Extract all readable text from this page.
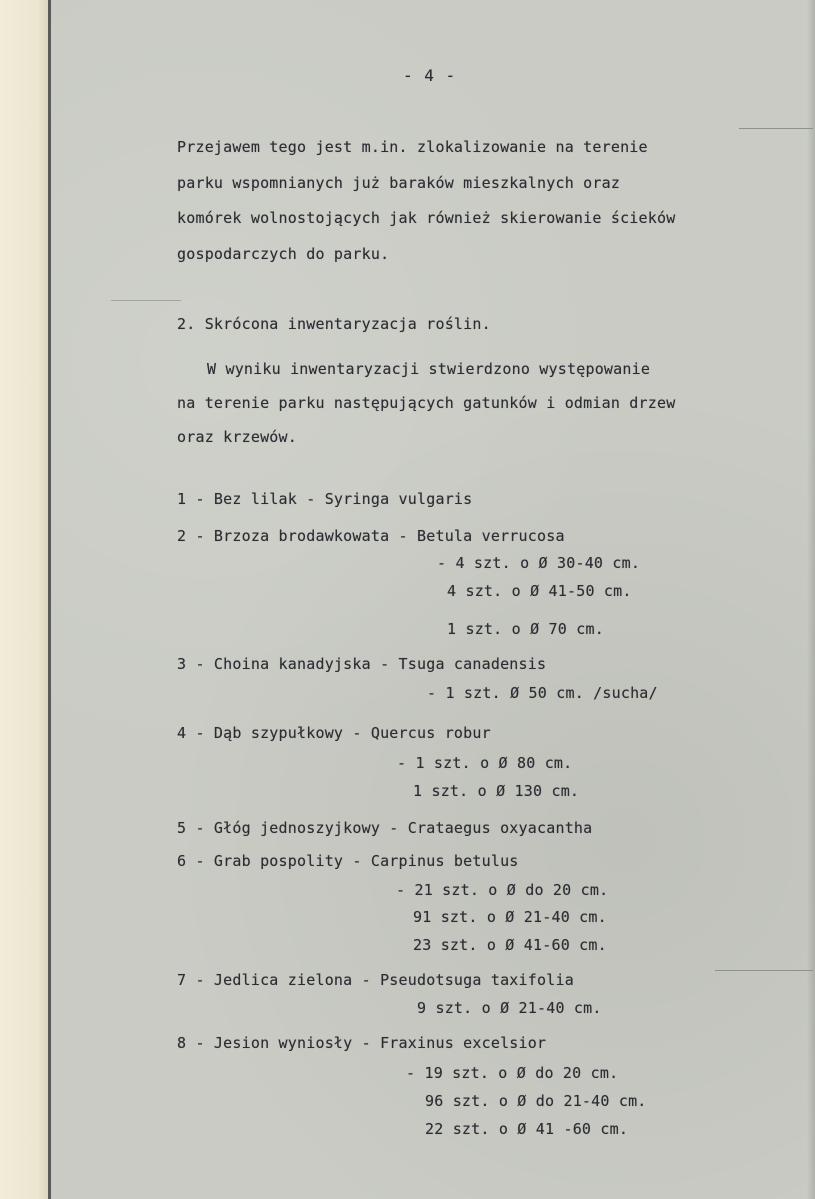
- 4 -
Przejawem tego jest m.in. zlokalizowanie na terenie
parku wspomnianych już baraków mieszkalnych oraz
komórek wolnostojących jak również skierowanie ścieków
gospodarczych do parku.
2. Skrócona inwentaryzacja roślin.
W wyniku inwentaryzacji stwierdzono występowanie
na terenie parku następujących gatunków i odmian drzew
oraz krzewów.
1 - Bez lilak - Syringa vulgaris
2 - Brzoza brodawkowata - Betula verrucosa
- 4 szt. o Ø 30-40 cm.
4 szt. o Ø 41-50 cm.
1 szt. o Ø 70 cm.
3 - Choina kanadyjska - Tsuga canadensis
- 1 szt. Ø 50 cm. /sucha/
4 - Dąb szypułkowy - Quercus robur
- 1 szt. o Ø 80 cm.
1 szt. o Ø 130 cm.
5 - Głóg jednoszyjkowy - Crataegus oxyacantha
6 - Grab pospolity - Carpinus betulus
- 21 szt. o Ø do 20 cm.
91 szt. o Ø 21-40 cm.
23 szt. o Ø 41-60 cm.
7 - Jedlica zielona - Pseudotsuga taxifolia
9 szt. o Ø 21-40 cm.
8 - Jesion wyniosły - Fraxinus excelsior
- 19 szt. o Ø do 20 cm.
96 szt. o Ø do 21-40 cm.
22 szt. o Ø 41 -60 cm.
